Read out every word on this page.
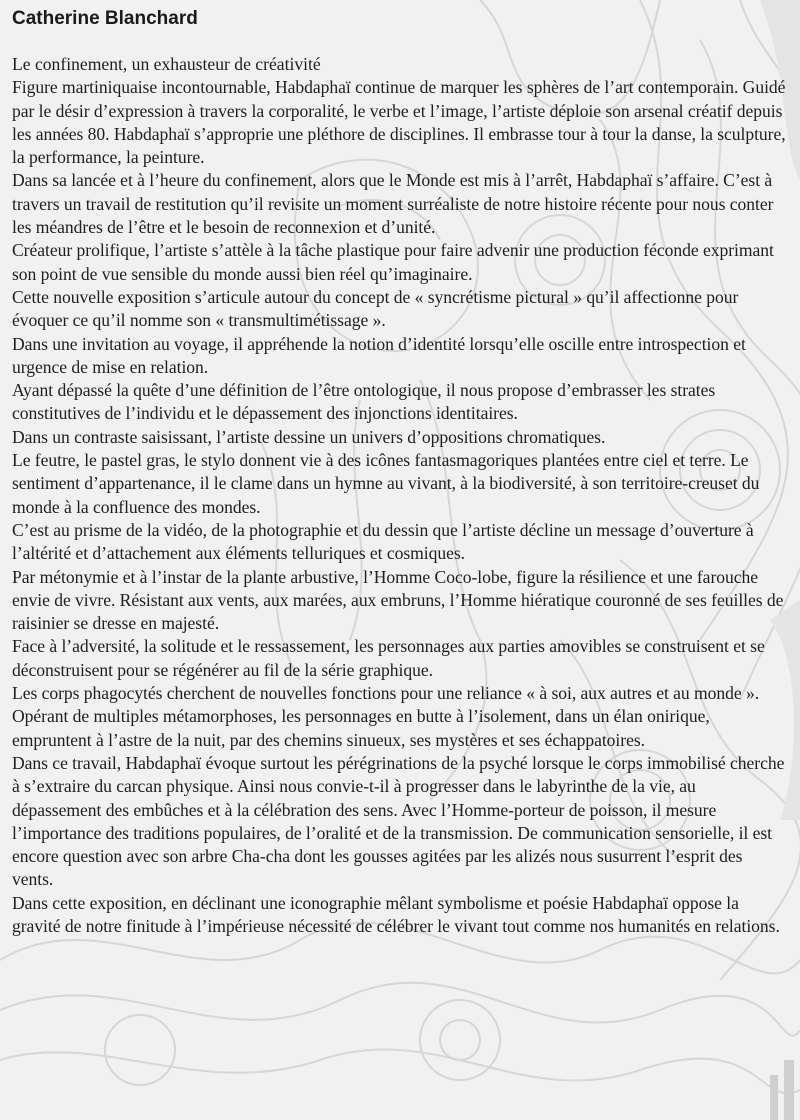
Catherine Blanchard
Le confinement, un exhausteur de créativité

Figure martiniquaise incontournable, Habdaphaï continue de marquer les sphères de l’art contemporain. Guidé par le désir d’expression à travers la corporalité, le verbe et l’image, l’artiste déploie son arsenal créatif depuis les années 80. Habdaphaï s’approprie une pléthore de disciplines. Il embrasse tour à tour la danse, la sculpture, la performance, la peinture.

Dans sa lancée et à l’heure du confinement, alors que le Monde est mis à l’arrêt, Habdaphaï s’affaire. C’est à travers un travail de restitution qu’il revisite un moment surréaliste de notre histoire récente pour nous conter les méandres de l’être et le besoin de reconnexion et d’unité.

Créateur prolifique, l’artiste s’attèle à la tâche plastique pour faire advenir une production féconde exprimant son point de vue sensible du monde aussi bien réel qu’imaginaire.

Cette nouvelle exposition s’articule autour du concept de « syncrétisme pictural » qu’il affectionne pour évoquer ce qu’il nomme son « transmultimétissage ».

Dans une invitation au voyage, il appréhende la notion d’identité lorsqu’elle oscille entre introspection et urgence de mise en relation.

Ayant dépassé la quête d’une définition de l’être ontologique, il nous propose d’embrasser les strates constitutives de l’individu et le dépassement des injonctions identitaires.

Dans un contraste saisissant, l’artiste dessine un univers d’oppositions chromatiques.

Le feutre, le pastel gras, le stylo donnent vie à des icônes fantasmagoriques plantées entre ciel et terre. Le sentiment d’appartenance, il le clame dans un hymne au vivant, à la biodiversité, à son territoire-creuset du monde à la confluence des mondes.

C’est au prisme de la vidéo, de la photographie et du dessin que l’artiste décline un message d’ouverture à l’altérité et d’attachement aux éléments telluriques et cosmiques.

Par métonymie et à l’instar de la plante arbustive, l’Homme Coco-lobe, figure la résilience et une farouche envie de vivre. Résistant aux vents, aux marées, aux embruns, l’Homme hiératique couronné de ses feuilles de raisinier se dresse en majesté.

Face à l’adversité, la solitude et le ressassement, les personnages aux parties amovibles se construisent et se déconstruisent pour se régénérer au fil de la série graphique.

Les corps phagocytés cherchent de nouvelles fonctions pour une reliance « à soi, aux autres et au monde ».

Opérant de multiples métamorphoses, les personnages en butte à l’isolement, dans un élan onirique, empruntent à l’astre de la nuit, par des chemins sinueux, ses mystères et ses échappatoires.

Dans ce travail, Habdaphaï évoque surtout les pérégrinations de la psyché lorsque le corps immobilisé cherche à s’extraire du carcan physique. Ainsi nous convie-t-il à progresser dans le labyrinthe de la vie, au dépassement des embûches et à la célébration des sens. Avec l’Homme-porteur de poisson, il mesure l’importance des traditions populaires, de l’oralité et de la transmission. De communication sensorielle, il est encore question avec son arbre Cha-cha dont les gousses agitées par les alizés nous susurrent l’esprit des vents.

Dans cette exposition, en déclinant une iconographie mêlant symbolisme et poésie Habdaphaï oppose la gravité de notre finitude à l’impérieuse nécessité de célébrer le vivant tout comme nos humanités en relations.
